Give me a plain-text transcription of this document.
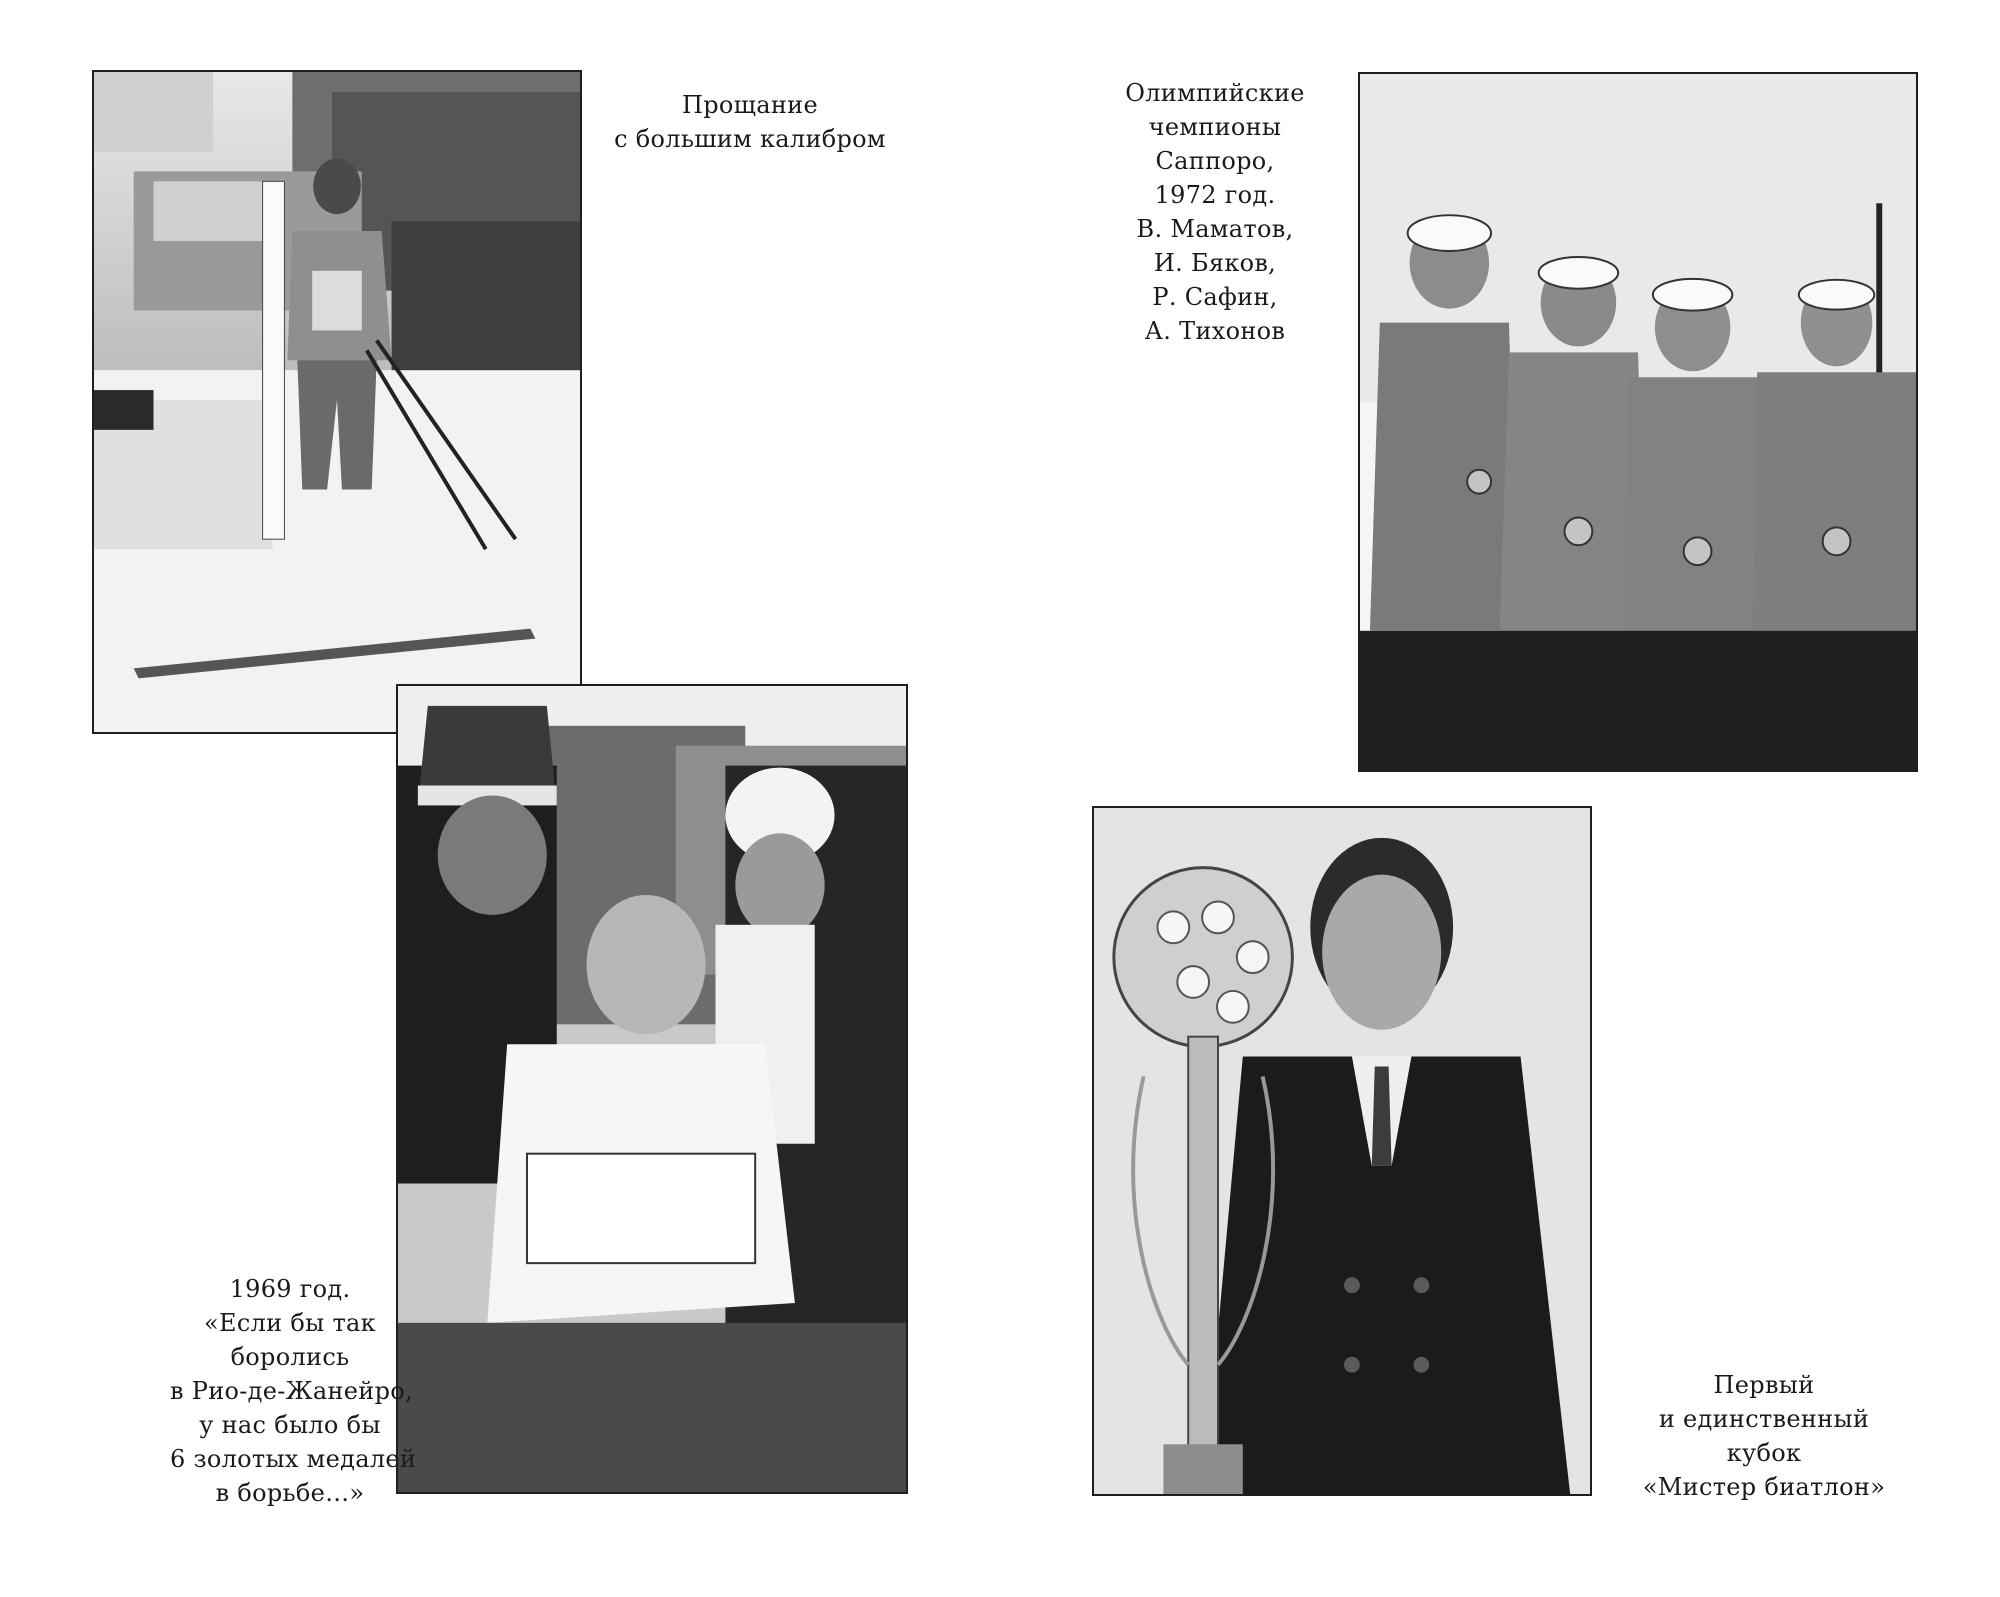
Прощание
с большим калибром
Олимпийские
чемпионы
Саппоро,
1972 год.
В. Маматов,
И. Бяков,
Р. Сафин,
А. Тихонов
1969 год.
«Если бы так
боролись
в Рио-де-Жанейро,
у нас было бы
6 золотых медалей
в борьбе…»
Первый
и единственный
кубок
«Мистер биатлон»
